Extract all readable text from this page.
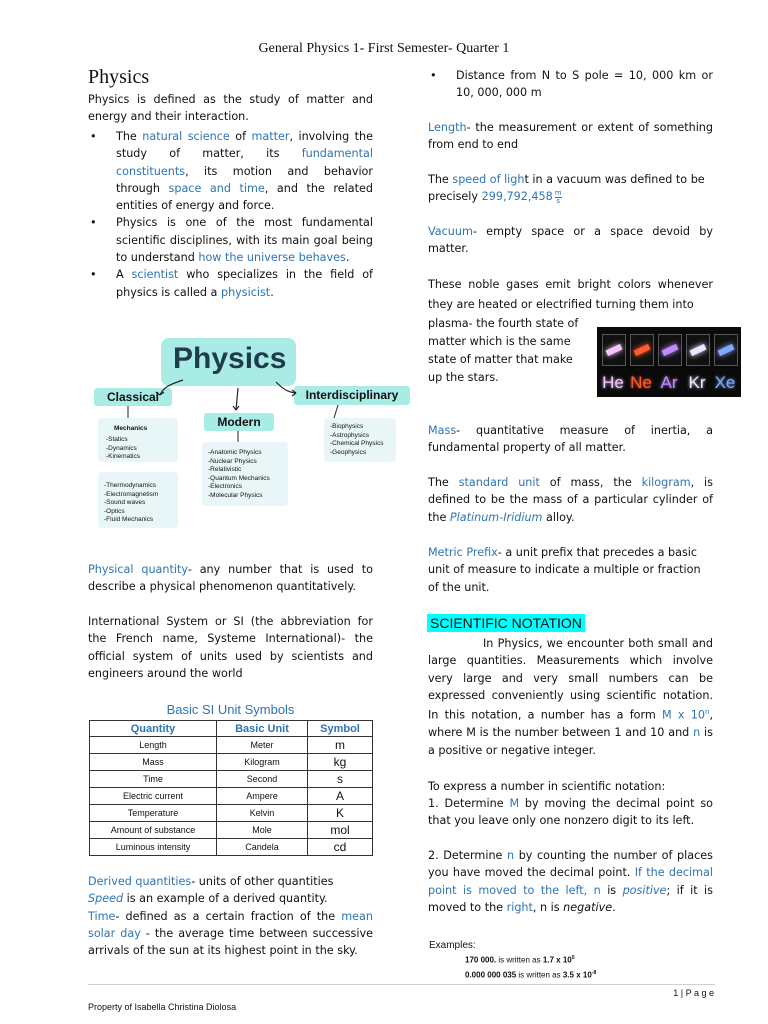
General Physics 1- First Semester- Quarter 1
Physics
Physics is defined as the study of matter and energy and their interaction.
• The natural science of matter, involving the study of matter, its fundamental constituents, its motion and behavior through space and time, and the related entities of energy and force.
• Physics is one of the most fundamental scientific disciplines, with its main goal being to understand how the universe behaves.
• A scientist who specializes in the field of physics is called a physicist.
Physics
Classical	Interdisciplinary
Modern
Mechanics
-Statics
-Dynamics
-Kinematics
-Thermodynamics
-Electromagnetism
-Sound waves
-Optics
-Fluid Mechanics
-Anatomic Physics
-Nuclear Physics
-Relativistic
-Quantum Mechanics
-Electronics
-Molecular Physics
-Biophysics
-Astrophysics
-Chemical Physics
-Geophysics
Physical quantity- any number that is used to describe a physical phenomenon quantitatively.
International System or SI (the abbreviation for the French name, Systeme International)- the official system of units used by scientists and engineers around the world
Basic SI Unit Symbols
Quantity	Basic Unit	Symbol
Length	Meter	m
Mass	Kilogram	kg
Time	Second	s
Electric current	Ampere	A
Temperature	Kelvin	K
Amount of substance	Mole	mol
Luminous intensity	Candela	cd
Derived quantities- units of other quantities
Speed is an example of a derived quantity.
Time- defined as a certain fraction of the mean solar day - the average time between successive arrivals of the sun at its highest point in the sky.
• Distance from N to S pole = 10, 000 km or 10, 000, 000 m
Length- the measurement or extent of something from end to end
The speed of light in a vacuum was defined to be precisely $299,792,458 \frac{m}{s}$
Vacuum- empty space or a space devoid by matter.
These noble gases emit bright colors whenever they are heated or electrified turning them into
plasma- the fourth state of matter which is the same state of matter that make up the stars.	He Ne Ar Kr Xe
Mass- quantitative measure of inertia, a fundamental property of all matter.
The standard unit of mass, the kilogram, is defined to be the mass of a particular cylinder of the Platinum-Iridium alloy.
Metric Prefix- a unit prefix that precedes a basic unit of measure to indicate a multiple or fraction of the unit.
SCIENTIFIC NOTATION
In Physics, we encounter both small and large quantities. Measurements which involve very large and very small numbers can be expressed conveniently using scientific notation. In this notation, a number has a form M x 10$^n$, where M is the number between 1 and 10 and n is a positive or negative integer.
To express a number in scientific notation:
1. Determine M by moving the decimal point so that you leave only one nonzero digit to its left.
2. Determine n by counting the number of places you have moved the decimal point. If the decimal point is moved to the left, n is positive; if it is moved to the right, n is negative.
Examples:
170 000. is written as 1.7 x $10^5$
0.000 000 035 is written as 3.5 x $10^{-8}$
1 | P a g e
Property of Isabella Christina Diolosa
